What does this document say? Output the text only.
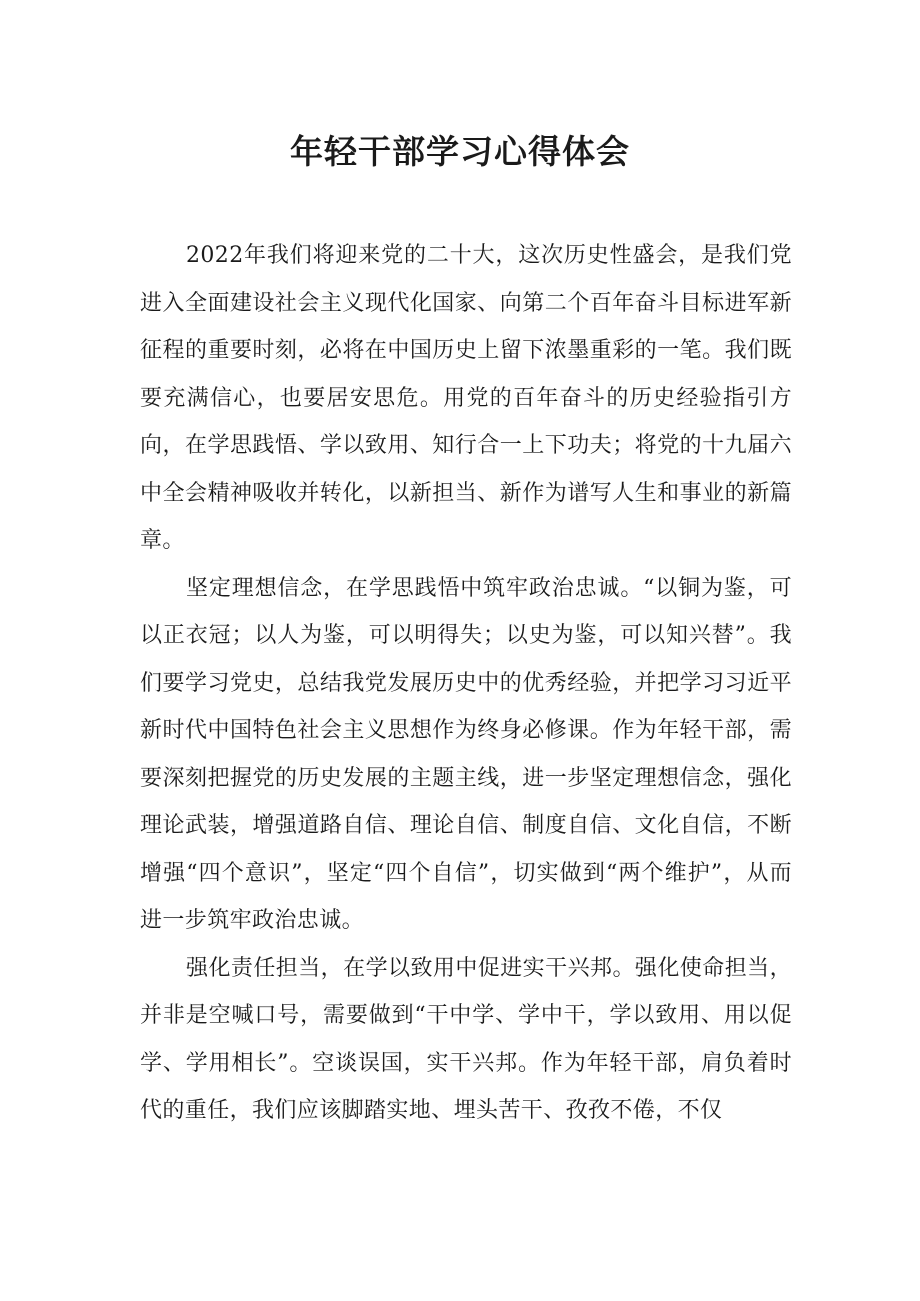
年轻干部学习心得体会

2022年我们将迎来党的二十大，这次历史性盛会，是我们党进入全面建设社会主义现代化国家、向第二个百年奋斗目标进军新征程的重要时刻，必将在中国历史上留下浓墨重彩的一笔。我们既要充满信心，也要居安思危。用党的百年奋斗的历史经验指引方向，在学思践悟、学以致用、知行合一上下功夫；将党的十九届六中全会精神吸收并转化，以新担当、新作为谱写人生和事业的新篇章。

坚定理想信念，在学思践悟中筑牢政治忠诚。“以铜为鉴，可以正衣冠；以人为鉴，可以明得失；以史为鉴，可以知兴替”。我们要学习党史，总结我党发展历史中的优秀经验，并把学习习近平新时代中国特色社会主义思想作为终身必修课。作为年轻干部，需要深刻把握党的历史发展的主题主线，进一步坚定理想信念，强化理论武装，增强道路自信、理论自信、制度自信、文化自信，不断增强“四个意识”，坚定“四个自信”，切实做到“两个维护”，从而进一步筑牢政治忠诚。

强化责任担当，在学以致用中促进实干兴邦。强化使命担当，并非是空喊口号，需要做到“干中学、学中干，学以致用、用以促学、学用相长”。空谈误国，实干兴邦。作为年轻干部，肩负着时代的重任，我们应该脚踏实地、埋头苦干、孜孜不倦，不仅
